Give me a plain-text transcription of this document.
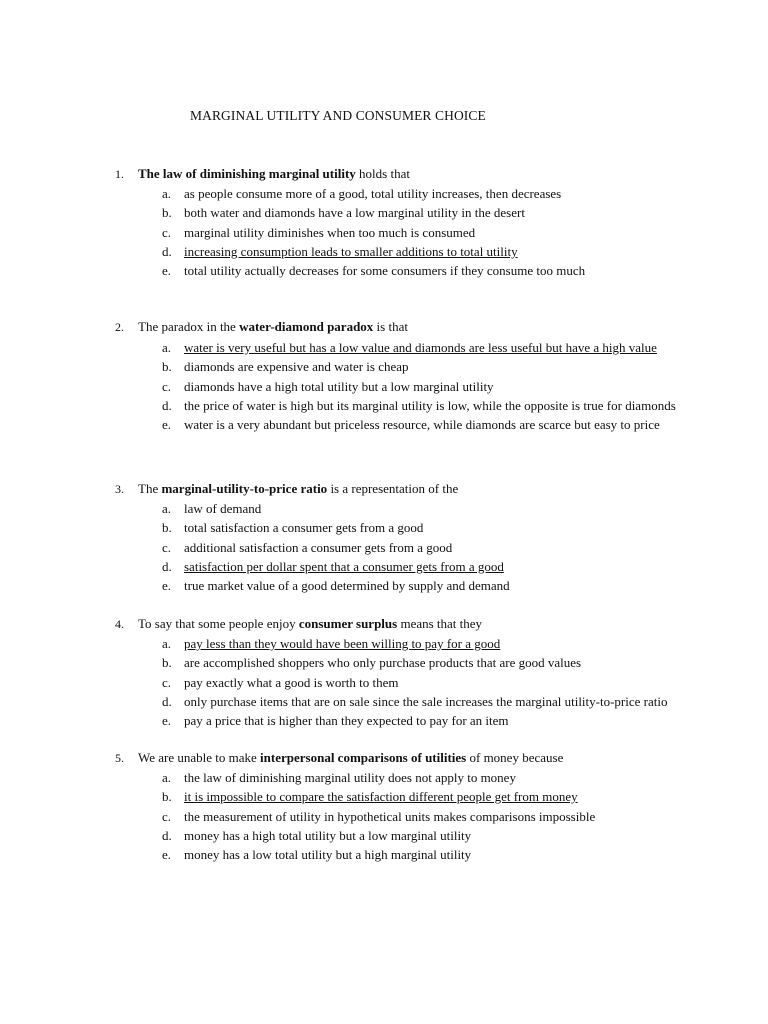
MARGINAL UTILITY AND CONSUMER CHOICE
1. The law of diminishing marginal utility holds that
a. as people consume more of a good, total utility increases, then decreases
b. both water and diamonds have a low marginal utility in the desert
c. marginal utility diminishes when too much is consumed
d. increasing consumption leads to smaller additions to total utility
e. total utility actually decreases for some consumers if they consume too much
2. The paradox in the water-diamond paradox is that
a. water is very useful but has a low value and diamonds are less useful but have a high value
b. diamonds are expensive and water is cheap
c. diamonds have a high total utility but a low marginal utility
d. the price of water is high but its marginal utility is low, while the opposite is true for diamonds
e. water is a very abundant but priceless resource, while diamonds are scarce but easy to price
3. The marginal-utility-to-price ratio is a representation of the
a. law of demand
b. total satisfaction a consumer gets from a good
c. additional satisfaction a consumer gets from a good
d. satisfaction per dollar spent that a consumer gets from a good
e. true market value of a good determined by supply and demand
4. To say that some people enjoy consumer surplus means that they
a. pay less than they would have been willing to pay for a good
b. are accomplished shoppers who only purchase products that are good values
c. pay exactly what a good is worth to them
d. only purchase items that are on sale since the sale increases the marginal utility-to-price ratio
e. pay a price that is higher than they expected to pay for an item
5. We are unable to make interpersonal comparisons of utilities of money because
a. the law of diminishing marginal utility does not apply to money
b. it is impossible to compare the satisfaction different people get from money
c. the measurement of utility in hypothetical units makes comparisons impossible
d. money has a high total utility but a low marginal utility
e. money has a low total utility but a high marginal utility
